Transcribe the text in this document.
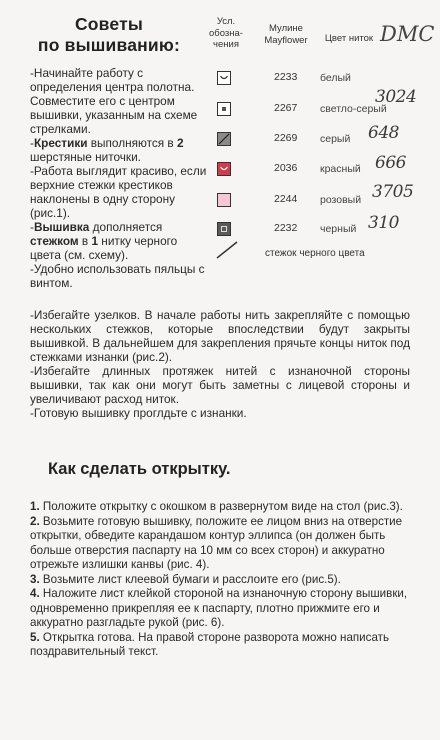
Советы
по вышиванию:
Усл. обозна- чения
Мулине Mayflower	Цвет ниток DMC
2233 белый
2267 светло-серый
3024
2269 серый 648
2036 красный 666
2244 розовый 3705
2232 черный 310
стежок черного цвета

-Начинайте работу с определения центра полотна. Совместите его с центром вышивки, указанным на схеме стрелками.

-Крестики выполняются в 2 шерстяные ниточки.

-Работа выглядит красиво, если верхние стежки крестиков наклонены в одну сторону (рис.1).

-Вышивка дополняется стежком в 1 нитку черного цвета (см. схему).

-Удобно использовать пяльцы с винтом.

-Избегайте узелков. В начале работы нить закрепляйте с помощью нескольких стежков, которые впоследствии будут закрыты вышивкой. В дальнейшем для закрепления прячьте концы ниток под стежками изнанки (рис.2).

-Избегайте длинных протяжек нитей с изнаночной стороны вышивки, так как они могут быть заметны с лицевой стороны и увеличивают расход ниток.

-Готовую вышивку проглдьте с изнанки.

Как сделать открытку.

1. Положите открытку с окошком в развернутом виде на стол (рис.3).

2. Возьмите готовую вышивку, положите ее лицом вниз на отверстие открытки, обведите карандашом контур эллипса (он должен быть больше отверстия паспарту на 10 мм со всех сторон) и аккуратно отрежьте излишки канвы (рис. 4).

3. Возьмите лист клеевой бумаги и расслоите его (рис.5).

4. Наложите лист клейкой стороной на изнаночную сторону вышивки, одновременно прикрепляя ее к паспарту, плотно прижмите его и аккуратно разгладьте рукой (рис. 6).

5. Открытка готова. На правой стороне разворота можно написать поздравительный текст.
